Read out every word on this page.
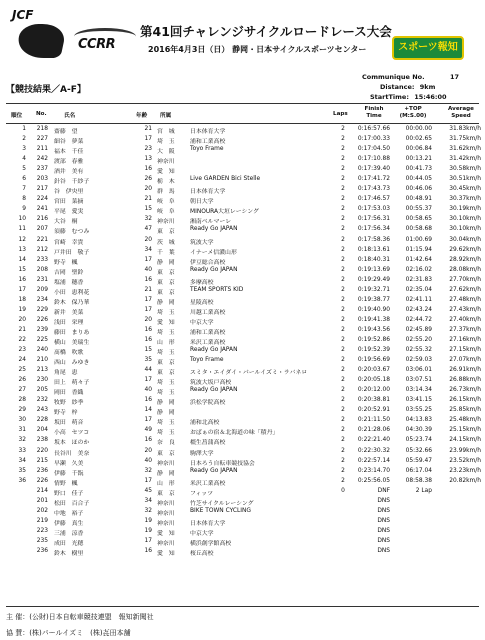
JCF
CCRR
第41回チャレンジサイクルロードレース大会
2016年4月3日（日） 静岡・日本サイクルスポーツセンター	スポーツ報知
Communique No.	17
Distance: 9km
StartTime: 15:46:00
【競技結果／A-F】
順位 No.	氏名	年齢 所属	Laps
Finish Time
+TOP (M:S.00)
Average Speed
1	218 齋藤　望	21 宮　城	日本体育大学	2	0:16:57.66	00:00.00	31.83km/h
2	227 細谷　夢菜	17 埼　玉	浦和工業高校	2	0:17:00.33	00:02.65	31.75km/h
3	211 福本　千佳	23 大　阪	Toyo Frame	2	0:17:04.50	00:06.84	31.62km/h
4	242 渡部　春雅	13 神奈川	2	0:17:10.88	00:13.21	31.42km/h
5	237 酒井　美有	16 愛　知	2	0:17:39.40	00:41.73	30.58km/h
6	203 針谷　千紗子	26 栃　木	Live GARDEN Bici Stelle	2	0:17:41.72	00:44.05	30.51km/h
7	217 谷　伊央里	20 群　馬	日本体育大学	2	0:17:43.73	00:46.06	30.45km/h
8	224 宮田　菜摘	21 岐　阜	朝日大学	2	0:17:46.57	00:48.91	30.37km/h
9	241 平尾　愛実	15 岐　阜	MINOURA大垣レーシング	2	0:17:53.03	00:55.37	30.19km/h
10	216 大谷　桐	32 神奈川	湘南ベルマーレ	2	0:17:56.31	00:58.65	30.10km/h
11	207 須藤　むつみ	47 東　京	Ready Go JAPAN	2	0:17:56.34	00:58.68	30.10km/h
12	221 宮崎　幸貴	20 茨　城	筑波大学	2	0:17:58.36	01:00.69	30.04km/h
13	212 戸井田　敬子	34 千　葉	イナーメ信濃山形	2	0:18:13.61	01:15.94	29.62km/h
14	233 野寺　楓	17 静　岡	伊豆総合高校	2	0:18:40.31	01:42.64	28.92km/h
15	208 吉岡　聖鈴	40 東　京	Ready Go JAPAN	2	0:19:13.69	02:16.02	28.08km/h
16	231 塩浦　穗香	16 東　京	多摩高校	2	0:19:29.49	02:31.83	27.70km/h
17	209 小田　恵利花	21 東　京	TEAM SPORTS KID	2	0:19:32.71	02:35.04	27.62km/h
18	234 鈴木　保乃華	17 静　岡	星陵高校	2	0:19:38.77	02:41.11	27.48km/h
19	229 新井　美菜	17 埼　玉	川越工業高校	2	0:19:40.90	02:43.24	27.43km/h
20	226 浅田　栄理	20 愛　知	中京大学	2	0:19:41.38	02:44.72	27.40km/h
21	239 藤田　まりあ	16 埼　玉	浦和工業高校	2	0:19:43.56	02:45.89	27.37km/h
22	225 横山　美瑞生	16 山　形	米沢工業高校	2	0:19:52.86	02:55.20	27.16km/h
23	240 髙橋　吹歌	15 埼　玉	Ready Go JAPAN	2	0:19:52.39	02:55.32	27.15km/h
24	210 西山　みゆき	35 東　京	Toyo Frame	2	0:19:56.69	02:59.03	27.07km/h
25	213 角尾　恵	44 東　京	スミタ・エイダイ・パールイズミ・ラバネロ	2	0:20:03.67	03:06.01	26.91km/h
26	230 田上　萌々子	17 埼　玉	筑波大坂戸高校	2	0:20:05.18	03:07.51	26.88km/h
27	205 岡田　香織	40 埼　玉	Ready Go JAPAN	2	0:20:12.00	03:14.34	26.73km/h
28	232 牧野　紗季	16 静　岡	浜松学院高校	2	0:20:38.81	03:41.15	26.15km/h
29	243 野寺　梓	14 静　岡	2	0:20:52.91	03:55.25	25.85km/h
30	228 坂田　萌音	17 埼　玉	浦和北高校	2	0:21:11.50	04:13.83	25.48km/h
31	204 小高　セツコ	49 埼　玉	おばぁの宿＆北海道の味「積丹」	2	0:21:28.06	04:30.39	25.15km/h
32	238 坂本　ほのか	16 奈　良	橿生菖蒲高校	2	0:22:21.40	05:23.74	24.15km/h
33	220 長谷川　美奈	20 東　京	駒澤大学	2	0:22:30.32	05:32.66	23.99km/h
34	215 早瀬　久美	40 神奈川	日本ろう自転車競技協会	2	0:22:57.14	05:59.47	23.52km/h
35	236 伊藤　千翫	32 静　岡	Ready Go JAPAN	2	0:23:14.70	06:17.04	23.23km/h
36	226 情野　楓	17 山　形	米沢工業高校	2	0:25:56.05	08:58.38	20.82km/h
214 野口　佳子	45 東　京	フィッツ	0	DNF	2 Lap
201 松田　百合子	34 神奈川	竹芝サイクルレーシング	DNS
202 中地　裕子	32 神奈川	BIKE TOWN CYCLING	DNS
219 伊藤　真生	19 神奈川	日本体育大学	DNS
223 三浦　涼香	19 愛　知	中京大学	DNS
235 成田　光穂	17 神奈川	横浜創学館高校	DNS
236 鈴木　樹里	16 愛　知	桜丘高校	DNS
主 催：(公財)日本自転車競技連盟　報知新聞社
協 賛：(株)パールイズミ　(株)㐂田本舗
